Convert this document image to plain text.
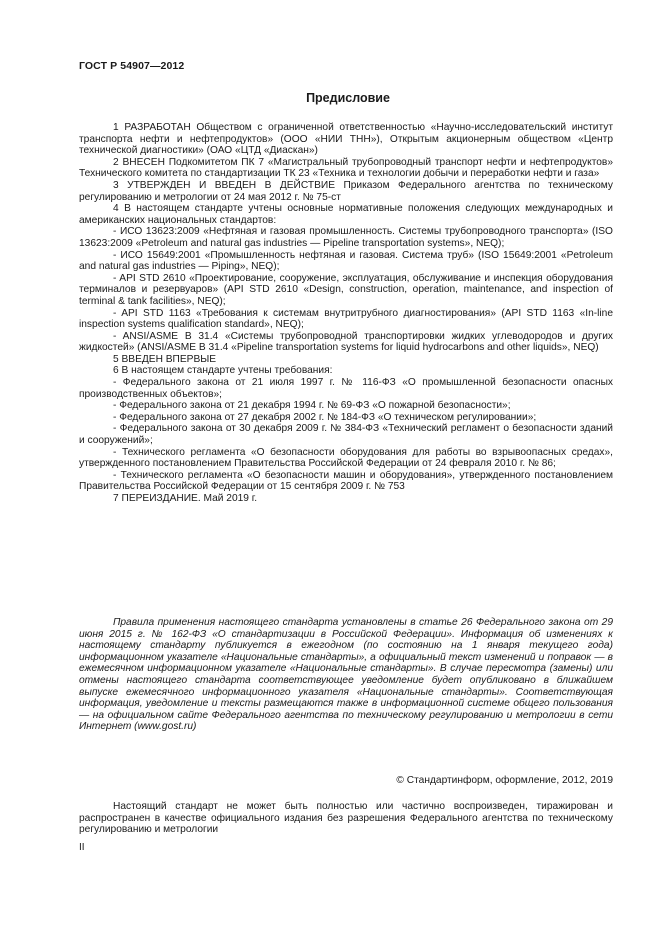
ГОСТ Р 54907—2012
Предисловие

1 РАЗРАБОТАН Обществом с ограниченной ответственностью «Научно-исследовательский институт транспорта нефти и нефтепродуктов» (ООО «НИИ ТНН»), Открытым акционерным обществом «Центр технической диагностики» (ОАО «ЦТД «Диаскан»)

2 ВНЕСЕН Подкомитетом ПК 7 «Магистральный трубопроводный транспорт нефти и нефтепродуктов» Технического комитета по стандартизации ТК 23 «Техника и технологии добычи и переработки нефти и газа»

3 УТВЕРЖДЕН И ВВЕДЕН В ДЕЙСТВИЕ Приказом Федерального агентства по техническому регулированию и метрологии от 24 мая 2012 г. № 75-ст

4 В настоящем стандарте учтены основные нормативные положения следующих международных и американских национальных стандартов:

- ИСО 13623:2009 «Нефтяная и газовая промышленность. Системы трубопроводного транспорта» (ISO 13623:2009 «Petroleum and natural gas industries — Pipeline transportation systems», NEQ);

- ИСО 15649:2001 «Промышленность нефтяная и газовая. Система труб» (ISO 15649:2001 «Petroleum and natural gas industries — Piping», NEQ);

- API STD 2610 «Проектирование, сооружение, эксплуатация, обслуживание и инспекция оборудования терминалов и резервуаров» (API STD 2610 «Design, construction, operation, maintenance, and inspection of terminal & tank facilities», NEQ);

- API STD 1163 «Требования к системам внутритрубного диагностирования» (API STD 1163 «In-line inspection systems qualification standard», NEQ);

- ANSI/ASME B 31.4 «Системы трубопроводной транспортировки жидких углеводородов и других жидкостей» (ANSI/ASME B 31.4 «Pipeline transportation systems for liquid hydrocarbons and other liquids», NEQ)

5 ВВЕДЕН ВПЕРВЫЕ

6 В настоящем стандарте учтены требования:

- Федерального закона от 21 июля 1997 г. № 116-ФЗ «О промышленной безопасности опасных производственных объектов»;

- Федерального закона от 21 декабря 1994 г. № 69-ФЗ «О пожарной безопасности»;

- Федерального закона от 27 декабря 2002 г. № 184-ФЗ «О техническом регулировании»;

- Федерального закона от 30 декабря 2009 г. № 384-ФЗ «Технический регламент о безопасности зданий и сооружений»;

- Технического регламента «О безопасности оборудования для работы во взрывоопасных средах», утвержденного постановлением Правительства Российской Федерации от 24 февраля 2010 г. № 86;

- Технического регламента «О безопасности машин и оборудования», утвержденного постановлением Правительства Российской Федерации от 15 сентября 2009 г. № 753

7 ПЕРЕИЗДАНИЕ. Май 2019 г.

Правила применения настоящего стандарта установлены в статье 26 Федерального закона от 29 июня 2015 г. № 162-ФЗ «О стандартизации в Российской Федерации». Информация об изменениях к настоящему стандарту публикуется в ежегодном (по состоянию на 1 января текущего года) информационном указателе «Национальные стандарты», а официальный текст изменений и поправок — в ежемесячном информационном указателе «Национальные стандарты». В случае пересмотра (замены) или отмены настоящего стандарта соответствующее уведомление будет опубликовано в ближайшем выпуске ежемесячного информационного указателя «Национальные стандарты». Соответствующая информация, уведомление и тексты размещаются также в информационной системе общего пользования — на официальном сайте Федерального агентства по техническому регулированию и метрологии в сети Интернет (www.gost.ru)

© Стандартинформ, оформление, 2012, 2019

Настоящий стандарт не может быть полностью или частично воспроизведен, тиражирован и распространен в качестве официального издания без разрешения Федерального агентства по техническому регулированию и метрологии

II
